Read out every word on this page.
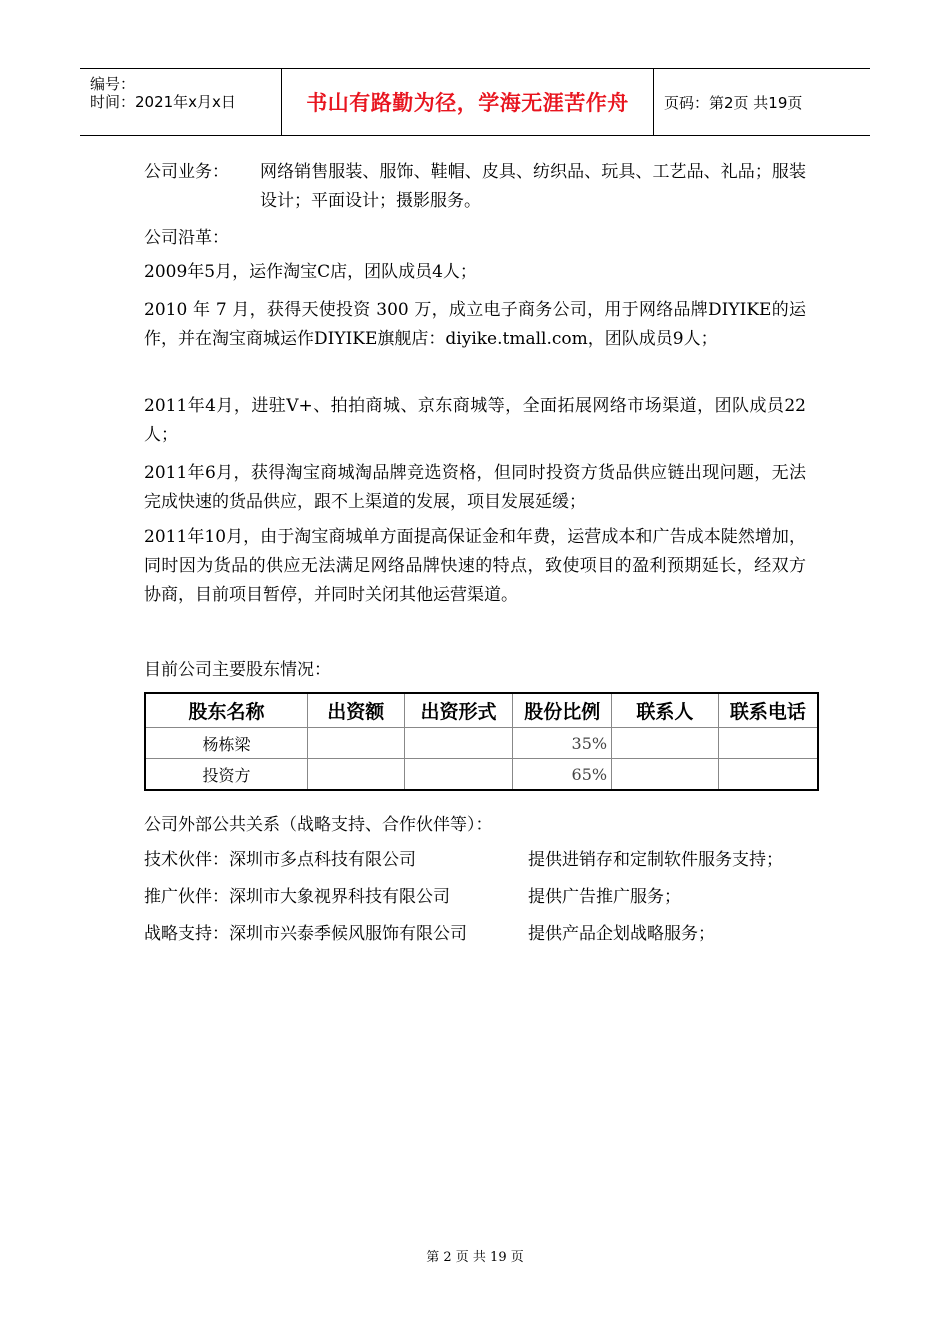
编号：
时间：2021年x月x日	书山有路勤为径，学海无涯苦作舟	页码：第2页 共19页
公司业务： 网络销售服装、服饰、鞋帽、皮具、纺织品、玩具、工艺品、礼品；服装设计；平面设计；摄影服务。
公司沿革：
2009年5月，运作淘宝C店，团队成员4人；
2010 年 7 月，获得天使投资 300 万，成立电子商务公司，用于网络品牌DIYIKE的运作，并在淘宝商城运作DIYIKE旗舰店：diyike.tmall.com，团队成员9人；
2011年4月，进驻V+、拍拍商城、京东商城等，全面拓展网络市场渠道，团队成员22人；
2011年6月，获得淘宝商城淘品牌竞选资格，但同时投资方货品供应链出现问题，无法完成快速的货品供应，跟不上渠道的发展，项目发展延缓；
2011年10月，由于淘宝商城单方面提高保证金和年费，运营成本和广告成本陡然增加，同时因为货品的供应无法满足网络品牌快速的特点，致使项目的盈利预期延长，经双方协商，目前项目暂停，并同时关闭其他运营渠道。
目前公司主要股东情况：
股东名称	出资额	出资形式	股份比例	联系人	联系电话
杨栋梁			35%		
投资方			65%		
公司外部公共关系（战略支持、合作伙伴等）：
技术伙伴：深圳市多点科技有限公司	提供进销存和定制软件服务支持；
推广伙伴：深圳市大象视界科技有限公司	提供广告推广服务；
战略支持：深圳市兴泰季候风服饰有限公司	提供产品企划战略服务；
第 2 页 共 19 页
